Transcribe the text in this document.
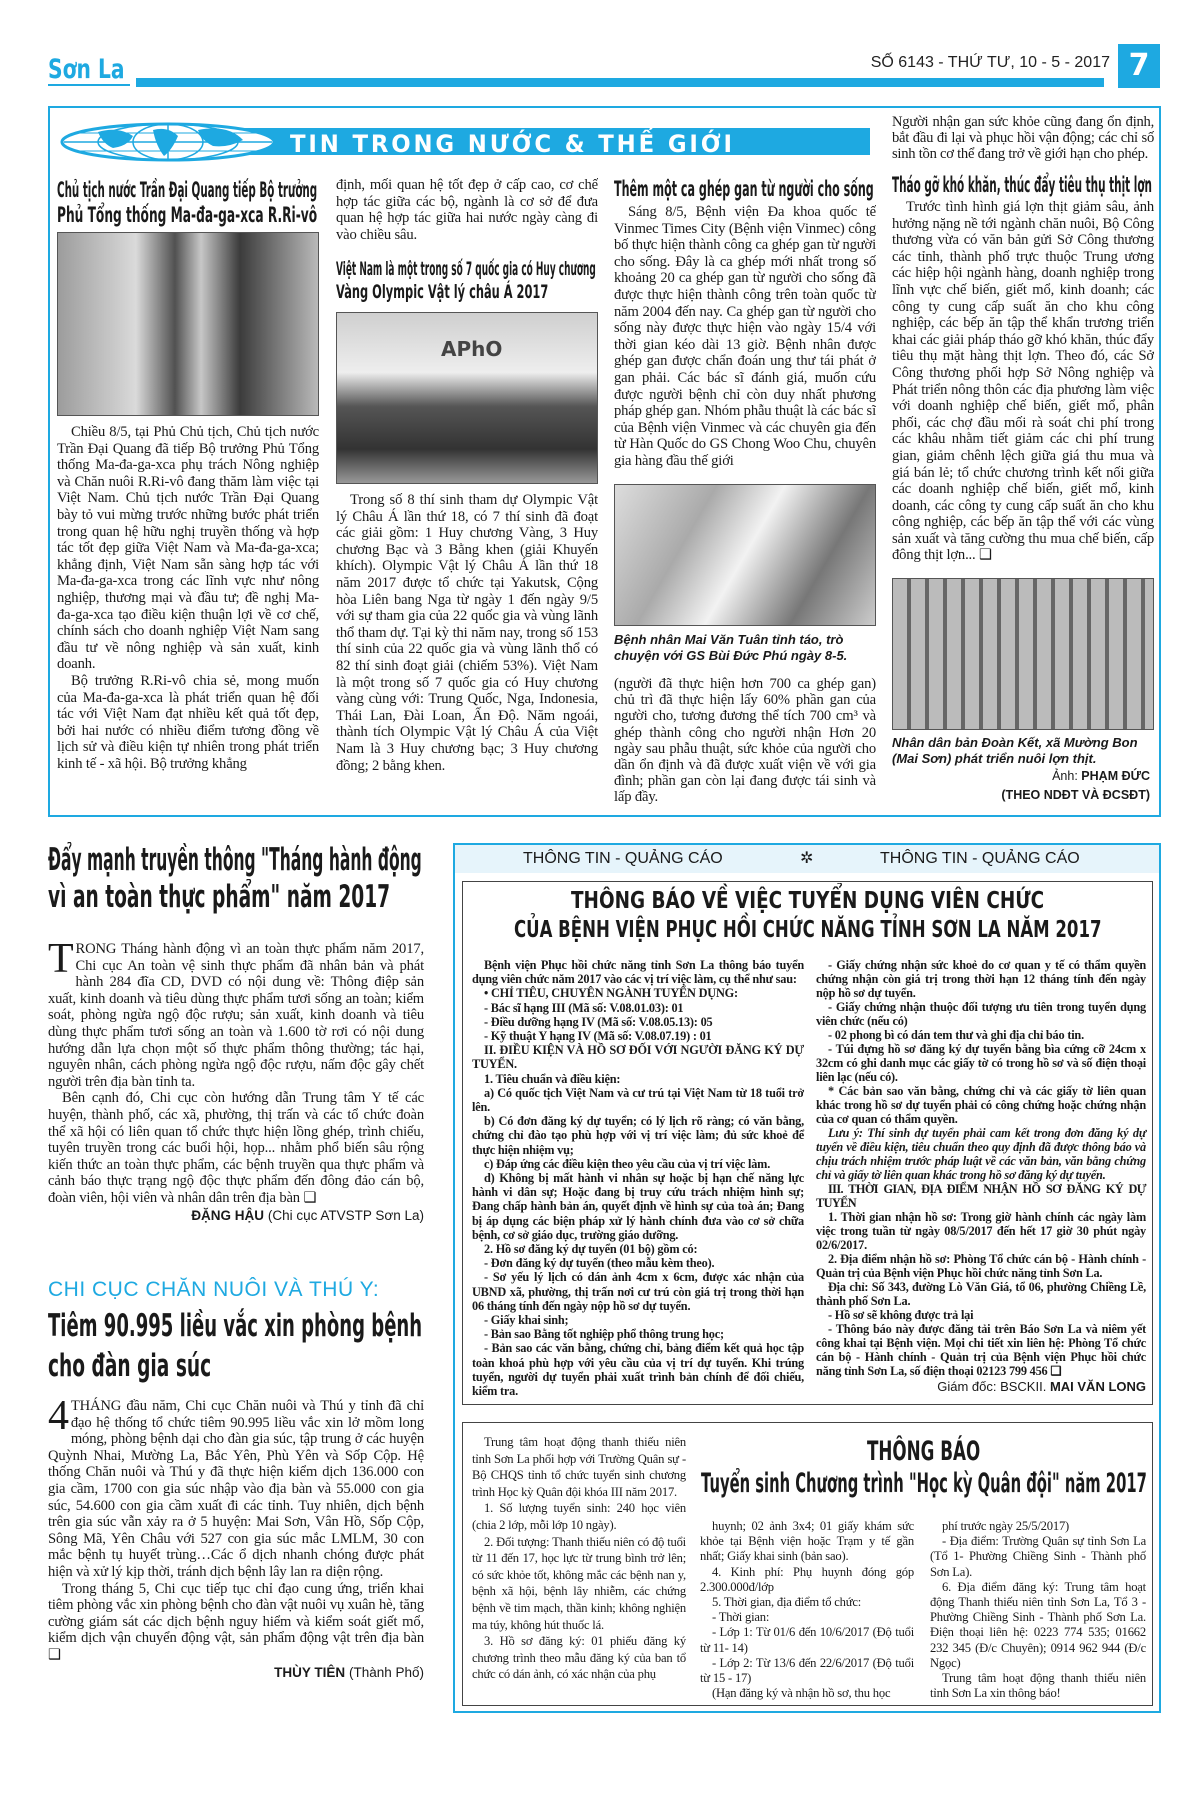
Sơn La	SỐ 6143 - THỨ TƯ, 10 - 5 - 2017 7
TIN TRONG NƯỚC & THẾ GIỚI
Chủ tịch nước Trần Đại Quang tiếp Bộ trưởng
Phủ Tổng thống Ma-đa-ga-xca R.Ri-vô

Chiều 8/5, tại Phủ Chủ tịch, Chủ tịch nước Trần Đại Quang đã tiếp Bộ trưởng Phủ Tổng thống Ma-đa-ga-xca phụ trách Nông nghiệp và Chăn nuôi R.Ri-vô đang thăm làm việc tại Việt Nam. Chủ tịch nước Trần Đại Quang bày tỏ vui mừng trước những bước phát triển trong quan hệ hữu nghị truyền thống và hợp tác tốt đẹp giữa Việt Nam và Ma-đa-ga-xca; khẳng định, Việt Nam sẵn sàng hợp tác với Ma-đa-ga-xca trong các lĩnh vực như nông nghiệp, thương mại và đầu tư; đề nghị Ma-đa-ga-xca tạo điều kiện thuận lợi về cơ chế, chính sách cho doanh nghiệp Việt Nam sang đầu tư về nông nghiệp và sản xuất, kinh doanh.

Bộ trưởng R.Ri-vô chia sẻ, mong muốn của Ma-đa-ga-xca là phát triển quan hệ đối tác với Việt Nam đạt nhiều kết quả tốt đẹp, bởi hai nước có nhiều điểm tương đồng về lịch sử và điều kiện tự nhiên trong phát triển kinh tế - xã hội. Bộ trưởng khẳng

định, mối quan hệ tốt đẹp ở cấp cao, cơ chế hợp tác giữa các bộ, ngành là cơ sở để đưa quan hệ hợp tác giữa hai nước ngày càng đi vào chiều sâu.

Việt Nam là một trong số 7 quốc gia có Huy chương
Vàng Olympic Vật lý châu Á 2017
APhO

Trong số 8 thí sinh tham dự Olympic Vật lý Châu Á lần thứ 18, có 7 thí sinh đã đoạt các giải gồm: 1 Huy chương Vàng, 3 Huy chương Bạc và 3 Bằng khen (giải Khuyến khích). Olympic Vật lý Châu Á lần thứ 18 năm 2017 được tổ chức tại Yakutsk, Cộng hòa Liên bang Nga từ ngày 1 đến ngày 9/5 với sự tham gia của 22 quốc gia và vùng lãnh thổ tham dự. Tại kỳ thi năm nay, trong số 153 thí sinh của 22 quốc gia và vùng lãnh thổ có 82 thí sinh đoạt giải (chiếm 53%). Việt Nam là một trong số 7 quốc gia có Huy chương vàng cùng với: Trung Quốc, Nga, Indonesia, Thái Lan, Đài Loan, Ấn Độ. Năm ngoái, thành tích Olympic Vật lý Châu Á của Việt Nam là 3 Huy chương bạc; 3 Huy chương đồng; 2 bằng khen.

Thêm một ca ghép gan từ người cho sống

Sáng 8/5, Bệnh viện Đa khoa quốc tế Vinmec Times City (Bệnh viện Vinmec) công bố thực hiện thành công ca ghép gan từ người cho sống. Đây là ca ghép mới nhất trong số khoảng 20 ca ghép gan từ người cho sống đã được thực hiện thành công trên toàn quốc từ năm 2004 đến nay. Ca ghép gan từ người cho sống này được thực hiện vào ngày 15/4 với thời gian kéo dài 13 giờ. Bệnh nhân được ghép gan được chẩn đoán ung thư tái phát ở gan phải. Các bác sĩ đánh giá, muốn cứu được người bệnh chỉ còn duy nhất phương pháp ghép gan. Nhóm phẫu thuật là các bác sĩ của Bệnh viện Vinmec và các chuyên gia đến từ Hàn Quốc do GS Chong Woo Chu, chuyên gia hàng đầu thế giới

Bệnh nhân Mai Văn Tuân tỉnh táo, trò chuyện với GS Bùi Đức Phú ngày 8-5.

(người đã thực hiện hơn 700 ca ghép gan) chủ trì đã thực hiện lấy 60% phần gan của người cho, tương đương thể tích 700 cm³ và ghép thành công cho người nhận Hơn 20 ngày sau phẫu thuật, sức khỏe của người cho dần ổn định và đã được xuất viện về với gia đình; phần gan còn lại đang được tái sinh và lấp đầy.

Người nhận gan sức khỏe cũng đang ổn định, bắt đầu đi lại và phục hồi vận động; các chỉ số sinh tồn cơ thể đang trở về giới hạn cho phép.

Tháo gỡ khó khăn, thúc đẩy tiêu thụ thịt lợn

Trước tình hình giá lợn thịt giảm sâu, ảnh hưởng nặng nề tới ngành chăn nuôi, Bộ Công thương vừa có văn bản gửi Sở Công thương các tỉnh, thành phố trực thuộc Trung ương các hiệp hội ngành hàng, doanh nghiệp trong lĩnh vực chế biến, giết mổ, kinh doanh; các công ty cung cấp suất ăn cho khu công nghiệp, các bếp ăn tập thể khẩn trương triển khai các giải pháp tháo gỡ khó khăn, thúc đẩy tiêu thụ mặt hàng thịt lợn. Theo đó, các Sở Công thương phối hợp Sở Nông nghiệp và Phát triển nông thôn các địa phương làm việc với doanh nghiệp chế biến, giết mổ, phân phối, các chợ đầu mối rà soát chi phí trong các khâu nhằm tiết giảm các chi phí trung gian, giảm chênh lệch giữa giá thu mua và giá bán lẻ; tổ chức chương trình kết nối giữa các doanh nghiệp chế biến, giết mổ, kinh doanh, các công ty cung cấp suất ăn cho khu công nghiệp, các bếp ăn tập thể với các vùng sản xuất và tăng cường thu mua chế biến, cấp đông thịt lợn... ❑

Nhân dân bản Đoàn Kết, xã Mường Bon (Mai Sơn) phát triển nuôi lợn thịt.
Ảnh: PHẠM ĐỨC
(THEO NDĐT VÀ ĐCSĐT)
Đẩy mạnh truyền thông "Tháng hành động
vì an toàn thực phẩm" năm 2017

TRONG Tháng hành động vì an toàn thực phẩm năm 2017, Chi cục An toàn vệ sinh thực phẩm đã nhân bản và phát hành 284 đĩa CD, DVD có nội dung về: Thông điệp sản xuất, kinh doanh và tiêu dùng thực phẩm tươi sống an toàn; kiểm soát, phòng ngừa ngộ độc rượu; sản xuất, kinh doanh và tiêu dùng thực phẩm tươi sống an toàn và 1.600 tờ rơi có nội dung hướng dẫn lựa chọn một số thực phẩm thông thường; tác hại, nguyên nhân, cách phòng ngừa ngộ độc rượu, nấm độc gây chết người trên địa bàn tỉnh ta.

Bên cạnh đó, Chi cục còn hướng dẫn Trung tâm Y tế các huyện, thành phố, các xã, phường, thị trấn và các tổ chức đoàn thể xã hội có liên quan tổ chức thực hiện lồng ghép, trình chiếu, tuyên truyền trong các buổi hội, họp... nhằm phổ biến sâu rộng kiến thức an toàn thực phẩm, các bệnh truyền qua thực phẩm và cảnh báo thực trạng ngộ độc thực phẩm đến đông đảo cán bộ, đoàn viên, hội viên và nhân dân trên địa bàn ❑

ĐẶNG HẬU (Chi cục ATVSTP Sơn La)
CHI CỤC CHĂN NUÔI VÀ THÚ Y:
Tiêm 90.995 liều vắc xin phòng bệnh
cho đàn gia súc

4 THÁNG đầu năm, Chi cục Chăn nuôi và Thú y tỉnh đã chỉ đạo hệ thống tổ chức tiêm 90.995 liều vắc xin lở mồm long móng, phòng bệnh dại cho đàn gia súc, tập trung ở các huyện Quỳnh Nhai, Mường La, Bắc Yên, Phù Yên và Sốp Cộp. Hệ thống Chăn nuôi và Thú y đã thực hiện kiểm dịch 136.000 con gia cầm, 1700 con gia súc nhập vào địa bàn và 55.000 con gia súc, 54.600 con gia cầm xuất đi các tỉnh. Tuy nhiên, dịch bệnh trên gia súc vẫn xảy ra ở 5 huyện: Mai Sơn, Vân Hồ, Sốp Cộp, Sông Mã, Yên Châu với 527 con gia súc mắc LMLM, 30 con mắc bệnh tụ huyết trùng…Các ổ dịch nhanh chóng được phát hiện và xử lý kịp thời, tránh dịch bệnh lây lan ra diện rộng.

Trong tháng 5, Chi cục tiếp tục chỉ đạo cung ứng, triển khai tiêm phòng vắc xin phòng bệnh cho đàn vật nuôi vụ xuân hè, tăng cường giám sát các dịch bệnh nguy hiểm và kiểm soát giết mổ, kiểm dịch vận chuyển động vật, sản phẩm động vật trên địa bàn ❑

THÙY TIÊN (Thành Phố)
THÔNG TIN - QUẢNG CÁO	✲	THÔNG TIN - QUẢNG CÁO
THÔNG BÁO VỀ VIỆC TUYỂN DỤNG VIÊN CHỨC
CỦA BỆNH VIỆN PHỤC HỒI CHỨC NĂNG TỈNH SƠN LA NĂM 2017

Bệnh viện Phục hồi chức năng tỉnh Sơn La thông báo tuyển dụng viên chức năm 2017 vào các vị trí việc làm, cụ thể như sau:

• CHỈ TIÊU, CHUYÊN NGÀNH TUYỂN DỤNG:

- Bác sĩ hạng III (Mã số: V.08.01.03): 01

- Điều dưỡng hạng IV (Mã số: V.08.05.13): 05

- Kỹ thuật Y hạng IV (Mã số: V.08.07.19) : 01

II. ĐIỀU KIỆN VÀ HỒ SƠ ĐỐI VỚI NGƯỜI ĐĂNG KÝ DỰ TUYỂN.

1. Tiêu chuẩn và điều kiện:

a) Có quốc tịch Việt Nam và cư trú tại Việt Nam từ 18 tuổi trở lên.

b) Có đơn đăng ký dự tuyển; có lý lịch rõ ràng; có văn bằng, chứng chỉ đào tạo phù hợp với vị trí việc làm; đủ sức khoẻ để thực hiện nhiệm vụ;

c) Đáp ứng các điều kiện theo yêu cầu của vị trí việc làm.

d) Không bị mất hành vi nhân sự hoặc bị hạn chế năng lực hành vi dân sự; Hoặc đang bị truy cứu trách nhiệm hình sự; Đang chấp hành bản án, quyết định về hình sự của toà án; Đang bị áp dụng các biện pháp xử lý hành chính đưa vào cơ sở chữa bệnh, cơ sở giáo dục, trường giáo dưỡng.

2. Hồ sơ đăng ký dự tuyển (01 bộ) gồm có:

- Đơn đăng ký dự tuyển (theo mẫu kèm theo).

- Sơ yếu lý lịch có dán ảnh 4cm x 6cm, được xác nhận của UBND xã, phường, thị trấn nơi cư trú còn giá trị trong thời hạn 06 tháng tính đến ngày nộp hồ sơ dự tuyển.

- Giấy khai sinh;

- Bản sao Bằng tốt nghiệp phổ thông trung học;

- Bản sao các văn bằng, chứng chỉ, bảng điểm kết quả học tập toàn khoá phù hợp với yêu cầu của vị trí dự tuyển. Khi trúng tuyển, người dự tuyển phải xuất trình bản chính để đối chiếu, kiểm tra.

- Giấy chứng nhận sức khoẻ do cơ quan y tế có thẩm quyền chứng nhận còn giá trị trong thời hạn 12 tháng tính đến ngày nộp hồ sơ dự tuyển.

- Giấy chứng nhận thuộc đối tượng ưu tiên trong tuyển dụng viên chức (nếu có)

- 02 phong bì có dán tem thư và ghi địa chỉ báo tin.

- Túi đựng hồ sơ đăng ký dự tuyển bằng bìa cứng cỡ 24cm x 32cm có ghi danh mục các giấy tờ có trong hồ sơ và số điện thoại liên lạc (nếu có).

* Các bản sao văn bằng, chứng chỉ và các giấy tờ liên quan khác trong hồ sơ dự tuyển phải có công chứng hoặc chứng nhận của cơ quan có thẩm quyền.

Lưu ý: Thí sinh dự tuyển phải cam kết trong đơn đăng ký dự tuyển về điều kiện, tiêu chuẩn theo quy định đã được thông báo và chịu trách nhiệm trước pháp luật về các văn bản, văn bằng chứng chỉ và giấy tờ liên quan khác trong hồ sơ đăng ký dự tuyển.

III. THỜI GIAN, ĐỊA ĐIỂM NHẬN HỒ SƠ ĐĂNG KÝ DỰ TUYỂN

1. Thời gian nhận hồ sơ: Trong giờ hành chính các ngày làm việc trong tuần từ ngày 08/5/2017 đến hết 17 giờ 30 phút ngày 02/6/2017.

2. Địa điểm nhận hồ sơ: Phòng Tổ chức cán bộ - Hành chính - Quản trị của Bệnh viện Phục hồi chức năng tỉnh Sơn La.

Địa chỉ: Số 343, đường Lò Văn Giá, tổ 06, phường Chiềng Lề, thành phố Sơn La.

- Hồ sơ sẽ không được trả lại

- Thông báo này được đăng tải trên Báo Sơn La và niêm yết công khai tại Bệnh viện. Mọi chi tiết xin liên hệ: Phòng Tổ chức cán bộ - Hành chính - Quản trị của Bệnh viện Phục hồi chức năng tỉnh Sơn La, số điện thoại 02123 799 456 ❑

Giám đốc: BSCKII. MAI VĂN LONG

Trung tâm hoạt động thanh thiếu niên tỉnh Sơn La phối hợp với Trường Quân sự - Bộ CHQS tỉnh tổ chức tuyển sinh chương trình Học kỳ Quân đội khóa III năm 2017.

1. Số lượng tuyển sinh: 240 học viên (chia 2 lớp, mỗi lớp 10 ngày).

2. Đối tượng: Thanh thiếu niên có độ tuổi từ 11 đến 17, học lực từ trung bình trở lên; có sức khỏe tốt, không mắc các bệnh nan y, bệnh xã hội, bệnh lây nhiễm, các chứng bệnh về tim mạch, thần kinh; không nghiện ma túy, không hút thuốc lá.

3. Hồ sơ đăng ký: 01 phiếu đăng ký chương trình theo mẫu đăng ký của ban tổ chức có dán ảnh, có xác nhận của phụ

THÔNG BÁO
Tuyển sinh Chương trình "Học kỳ Quân đội" năm 2017

huynh; 02 ảnh 3x4; 01 giấy khám sức khỏe tại Bệnh viện hoặc Trạm y tế gần nhất; Giấy khai sinh (bản sao).

4. Kinh phí: Phụ huynh đóng góp 2.300.000đ/lớp

5. Thời gian, địa điểm tổ chức:

- Thời gian:

- Lớp 1: Từ 01/6 đến 10/6/2017 (Độ tuổi từ 11- 14)

- Lớp 2: Từ 13/6 đến 22/6/2017 (Độ tuổi từ 15 - 17)

(Hạn đăng ký và nhận hồ sơ, thu học

phí trước ngày 25/5/2017)

- Địa điểm: Trường Quân sự tỉnh Sơn La (Tổ 1- Phường Chiềng Sinh - Thành phố Sơn La).

6. Địa điểm đăng ký: Trung tâm hoạt động Thanh thiếu niên tỉnh Sơn La, Tổ 3 - Phường Chiềng Sinh - Thành phố Sơn La. Điện thoại liên hệ: 0223 774 535; 01662 232 345 (Đ/c Chuyên); 0914 962 944 (Đ/c Ngọc)

Trung tâm hoạt động thanh thiếu niên tỉnh Sơn La xin thông báo!
